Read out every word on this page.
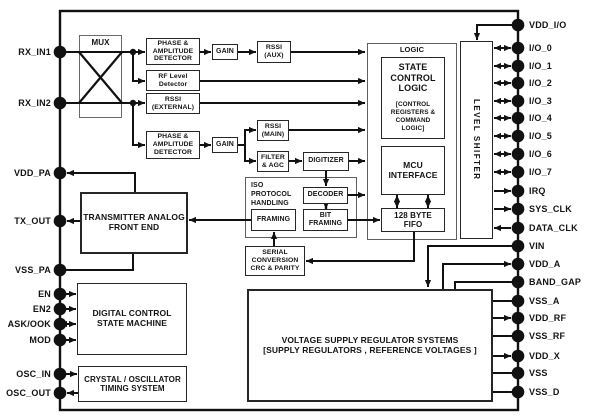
RX_IN1
RX_IN2
VDD_PA
TX_OUT
VSS_PA
EN
EN2
ASK/OOK
MOD
OSC_IN
OSC_OUT
VDD_I/O
I/O_0
I/O_1
I/O_2
I/O_3
I/O_4
I/O_5
I/O_6
I/O_7
IRQ
SYS_CLK
DATA_CLK
VIN
VDD_A
BAND_GAP
VSS_A
VDD_RF
VSS_RF
VDD_X
VSS
VSS_D
MUX
LOGIC
ISO
PROTOCOL
HANDLING
PHASE &
AMPLITUDE
DETECTOR
GAIN
RSSI
(AUX)
RF Level
Detector
RSSI
(EXTERNAL)
PHASE &
AMPLITUDE
DETECTOR
GAIN
RSSI
(MAIN)
FILTER
& AGC
DIGITIZER
DECODER
FRAMING
BIT
FRAMING
SERIAL
CONVERSION
CRC & PARITY
TRANSMITTER ANALOG
FRONT END
STATE
CONTROL
LOGIC
[CONTROL
REGISTERS &
COMMAND
LOGIC]
MCU
INTERFACE
128 BYTE
FIFO
LEVEL SHIFTER
DIGITAL CONTROL
STATE MACHINE
CRYSTAL / OSCILLATOR
TIMING SYSTEM
VOLTAGE SUPPLY REGULATOR SYSTEMS
[SUPPLY REGULATORS , REFERENCE VOLTAGES ]
